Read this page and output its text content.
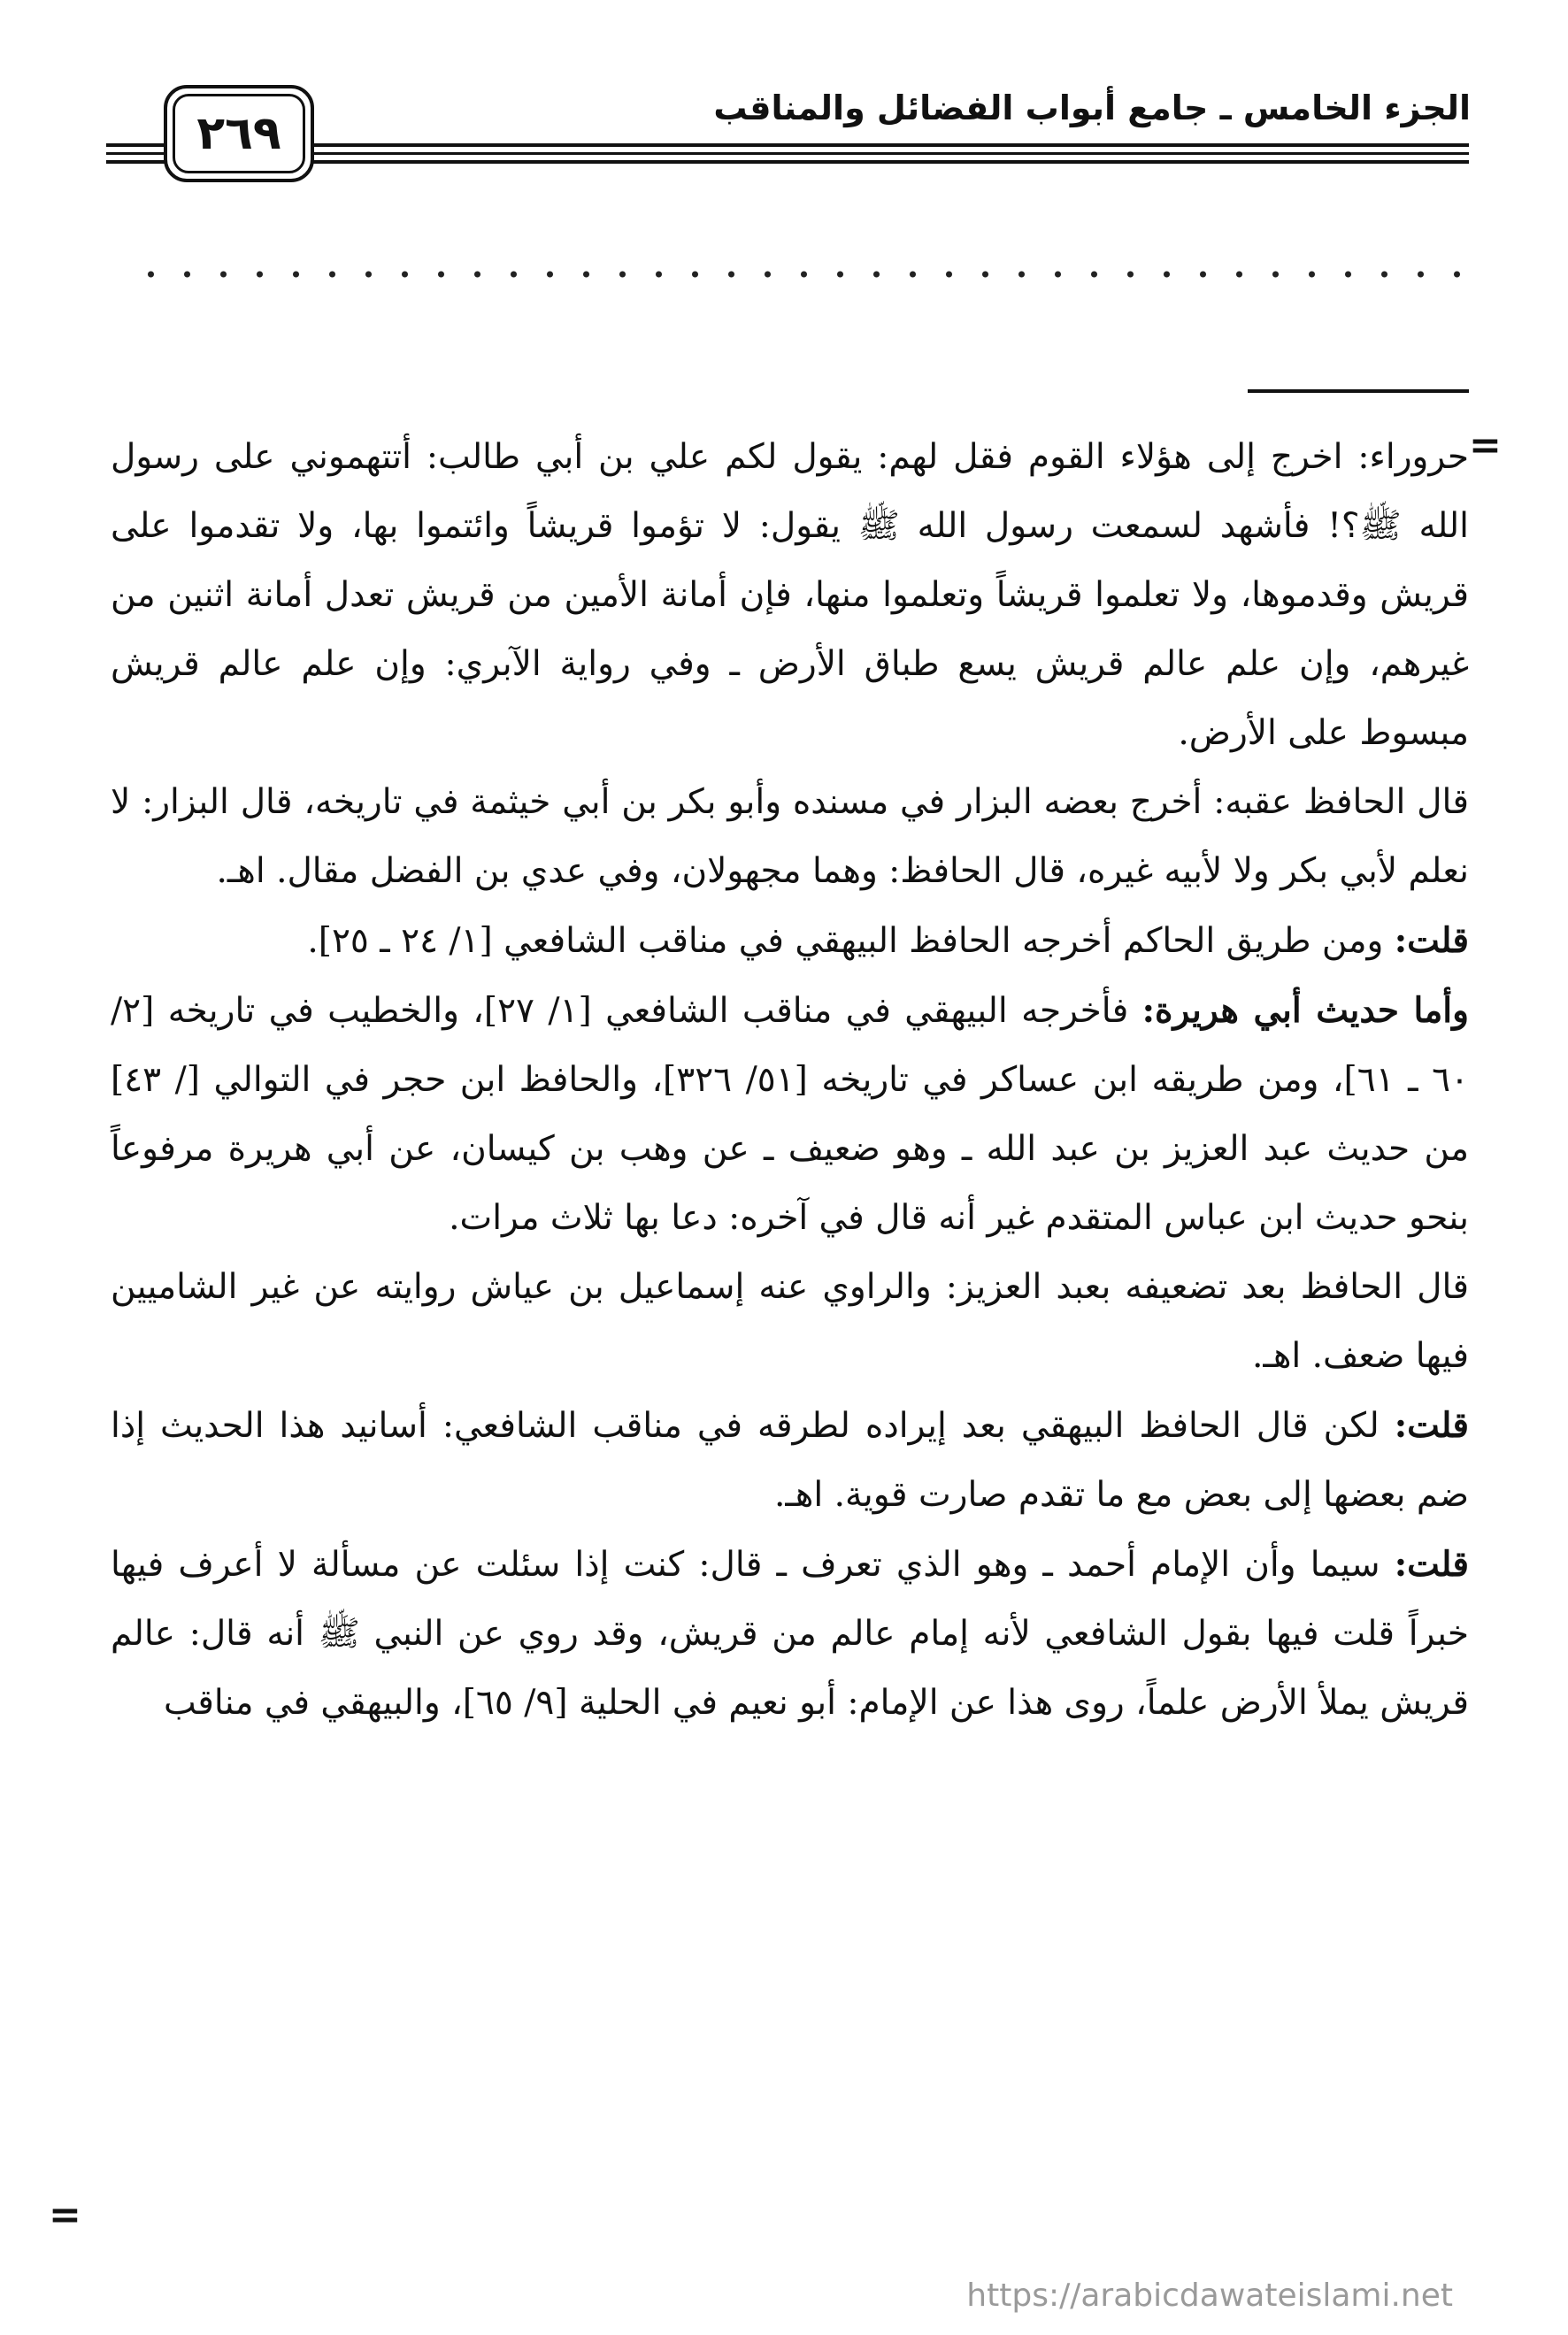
الجزء الخامس ـ جامع أبواب الفضائل والمناقب
٢٦٩
=

حروراء: اخرج إلى هؤلاء القوم فقل لهم: يقول لكم علي بن أبي طالب: أتتهموني على رسول الله ﷺ؟! فأشهد لسمعت رسول الله ﷺ يقول: لا تؤموا قريشاً وائتموا بها، ولا تقدموا على قريش وقدموها، ولا تعلموا قريشاً وتعلموا منها، فإن أمانة الأمين من قريش تعدل أمانة اثنين من غيرهم، وإن علم عالم قريش يسع طباق الأرض ـ وفي رواية الآبري: وإن علم عالم قريش مبسوط على الأرض.

قال الحافظ عقبه: أخرج بعضه البزار في مسنده وأبو بكر بن أبي خيثمة في تاريخه، قال البزار: لا نعلم لأبي بكر ولا لأبيه غيره، قال الحافظ: وهما مجهولان، وفي عدي بن الفضل مقال. اهـ.

قلت: ومن طريق الحاكم أخرجه الحافظ البيهقي في مناقب الشافعي [١/ ٢٤ ـ ٢٥].

وأما حديث أبي هريرة: فأخرجه البيهقي في مناقب الشافعي [١/ ٢٧]، والخطيب في تاريخه [٢/ ٦٠ ـ ٦١]، ومن طريقه ابن عساكر في تاريخه [٥١/ ٣٢٦]، والحافظ ابن حجر في التوالي [/ ٤٣] من حديث عبد العزيز بن عبد الله ـ وهو ضعيف ـ عن وهب بن كيسان، عن أبي هريرة مرفوعاً بنحو حديث ابن عباس المتقدم غير أنه قال في آخره: دعا بها ثلاث مرات.

قال الحافظ بعد تضعيفه بعبد العزيز: والراوي عنه إسماعيل بن عياش روايته عن غير الشاميين فيها ضعف. اهـ.

قلت: لكن قال الحافظ البيهقي بعد إيراده لطرقه في مناقب الشافعي: أسانيد هذا الحديث إذا ضم بعضها إلى بعض مع ما تقدم صارت قوية. اهـ.

قلت: سيما وأن الإمام أحمد ـ وهو الذي تعرف ـ قال: كنت إذا سئلت عن مسألة لا أعرف فيها خبراً قلت فيها بقول الشافعي لأنه إمام عالم من قريش، وقد روي عن النبي ﷺ أنه قال: عالم قريش يملأ الأرض علماً، روى هذا عن الإمام: أبو نعيم في الحلية [٩/ ٦٥]، والبيهقي في مناقب

=
https://arabicdawateislami.net
